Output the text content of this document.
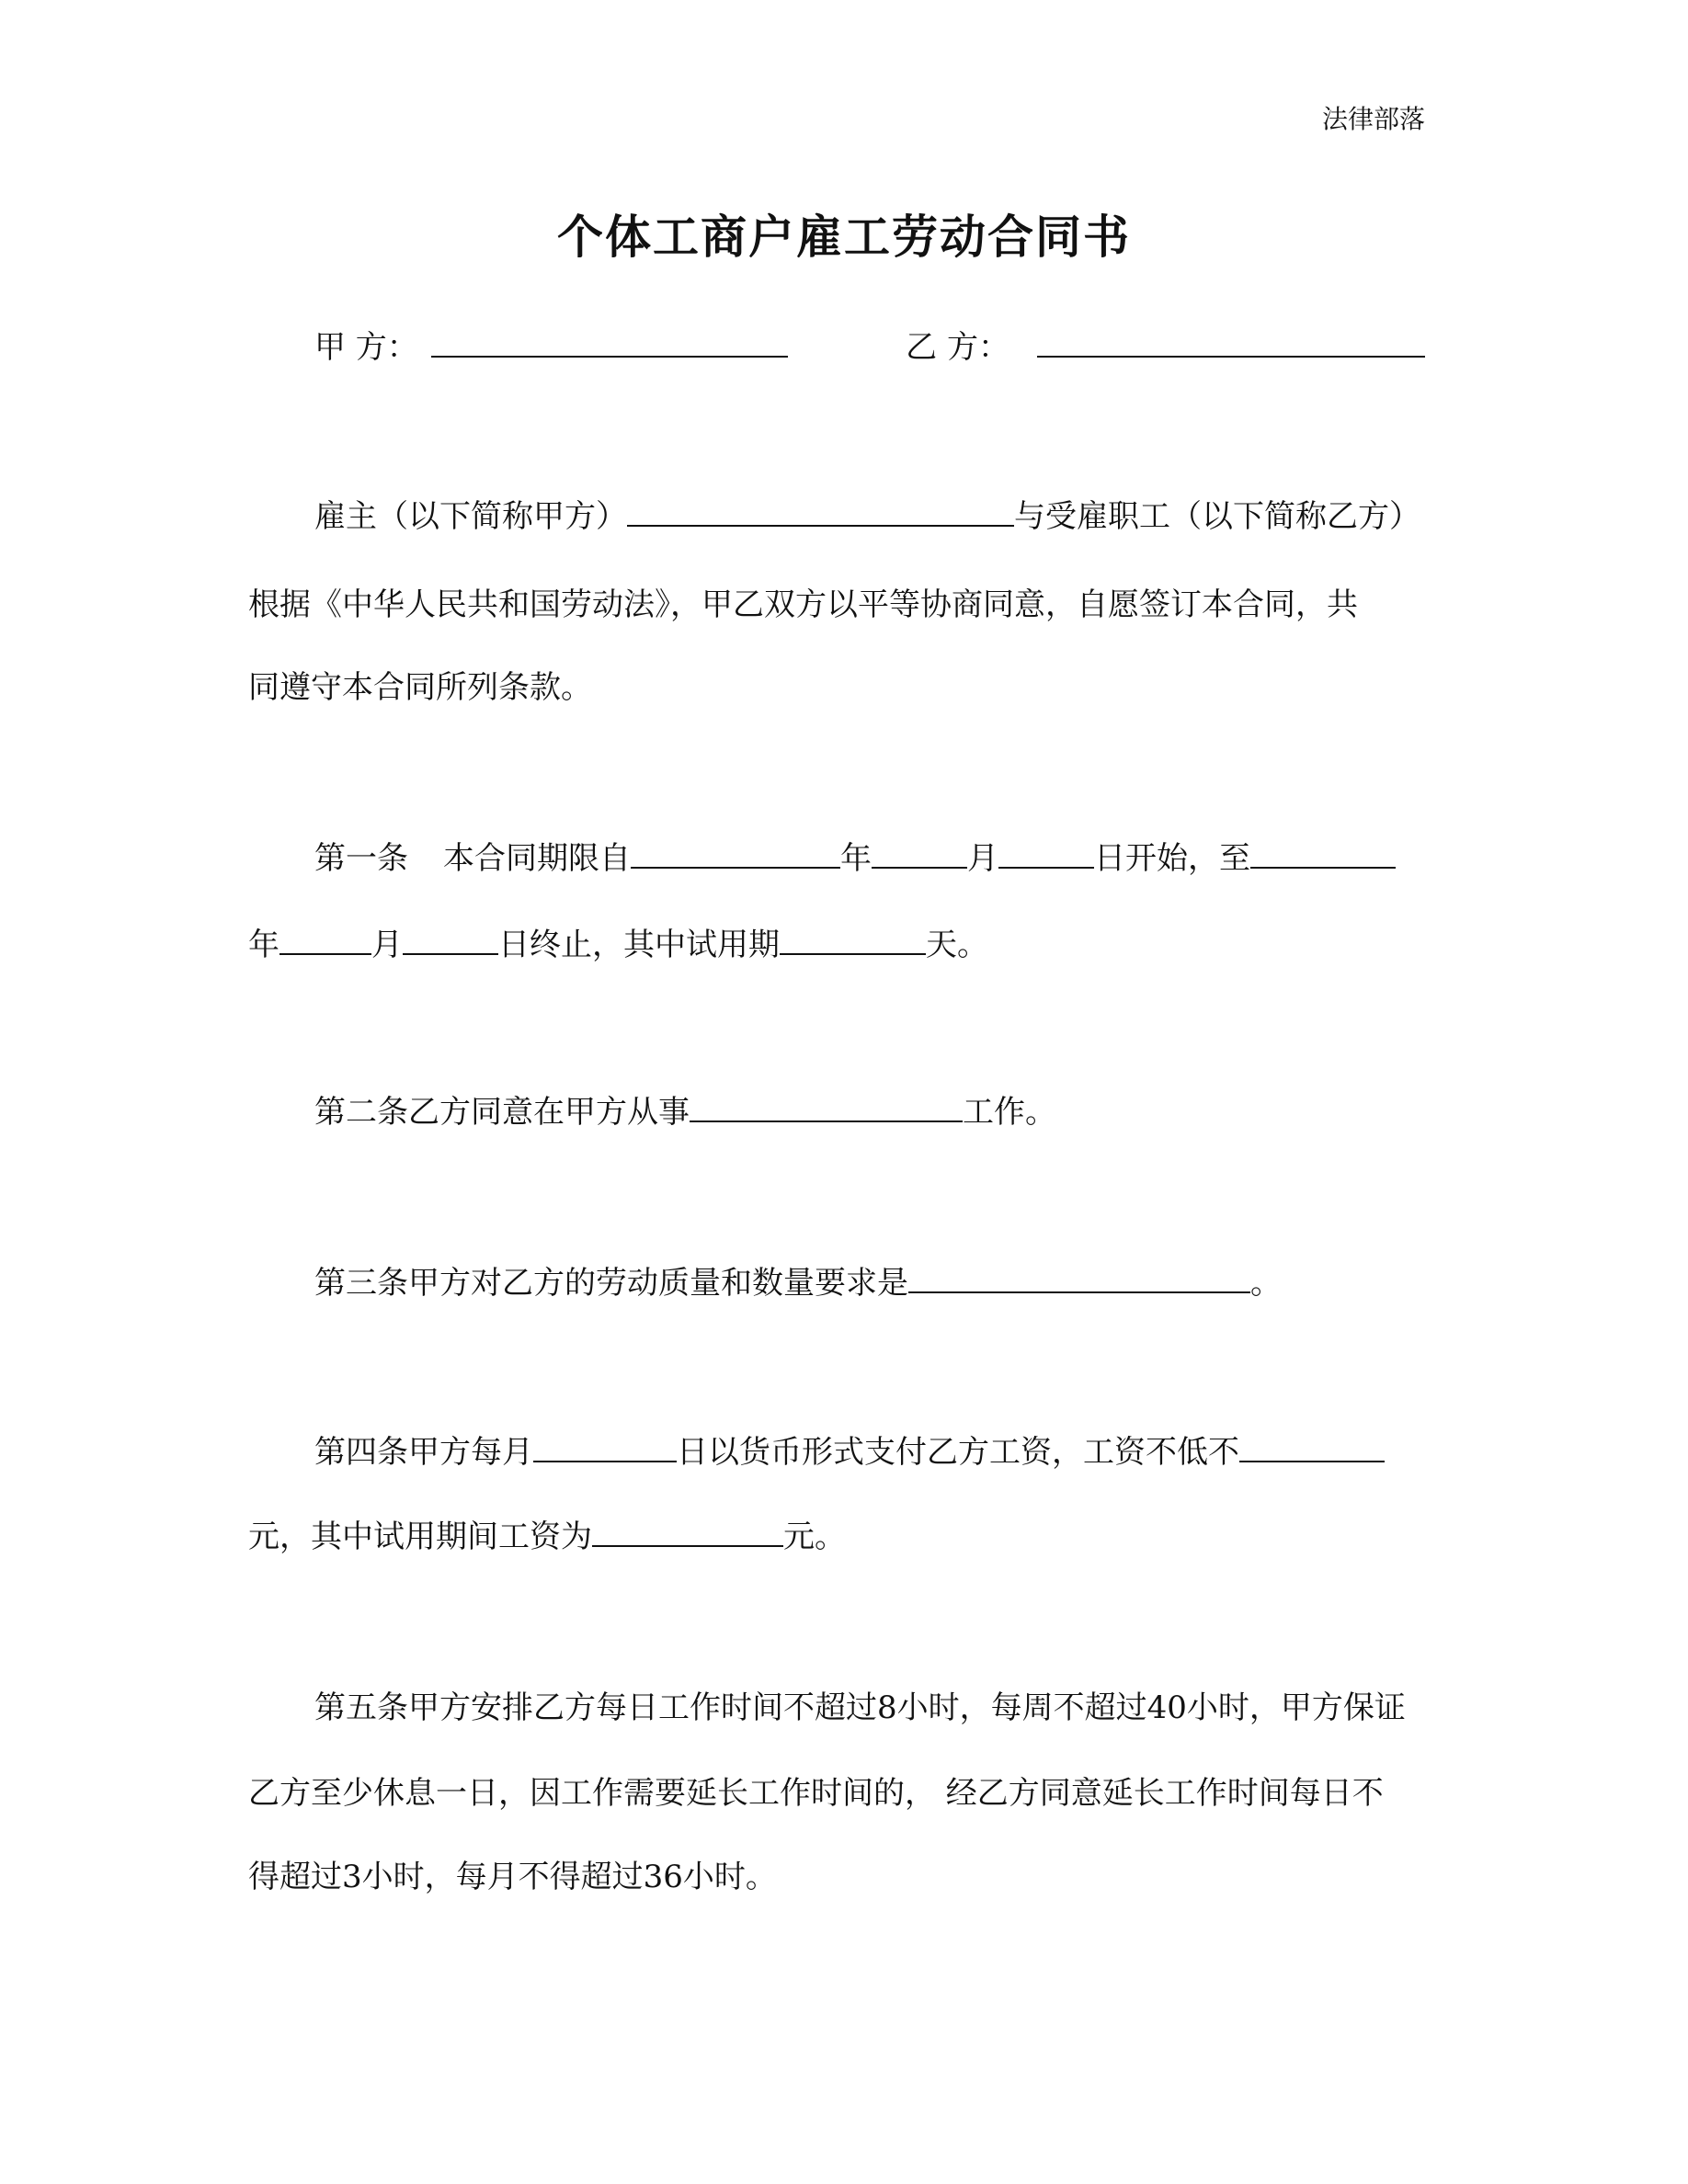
法律部落
个体工商户雇工劳动合同书
甲 方：	乙 方：
雇主（以下简称甲方）	与受雇职工（以下简称乙方）
根据《中华人民共和国劳动法》，甲乙双方以平等协商同意，自愿签订本合同，共
同遵守本合同所列条款。
第一条 本合同期限自	年	月	日开始，至
年	月	日终止，其中试用期	天。
第二条乙方同意在甲方从事	工作。
第三条甲方对乙方的劳动质量和数量要求是	。
第四条甲方每月	日以货币形式支付乙方工资，工资不低不
元，其中试用期间工资为	元。
第五条甲方安排乙方每日工作时间不超过8小时，每周不超过40小时，甲方保证
乙方至少休息一日，因工作需要延长工作时间的， 经乙方同意延长工作时间每日不
得超过3小时，每月不得超过36小时。
